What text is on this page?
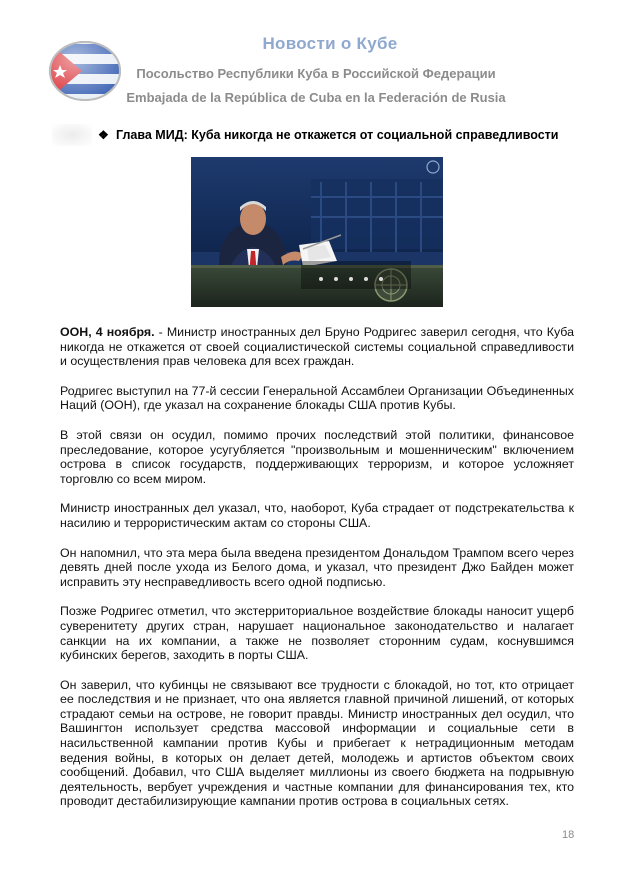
Новости о Кубе
Посольство Республики Куба в Российской Федерации
Embajada de la República de Cuba en la Federación de Rusia
❖ Глава МИД: Куба никогда не откажется от социальной справедливости

ООН, 4 ноября. - Министр иностранных дел Бруно Родригес заверил сегодня, что Куба никогда не откажется от своей социалистической системы социальной справедливости и осуществления прав человека для всех граждан.

Родригес выступил на 77-й сессии Генеральной Ассамблеи Организации Объединенных Наций (ООН), где указал на сохранение блокады США против Кубы.

В этой связи он осудил, помимо прочих последствий этой политики, финансовое преследование, которое усугубляется "произвольным и мошенническим" включением острова в список государств, поддерживающих терроризм, и которое усложняет торговлю со всем миром.

Министр иностранных дел указал, что, наоборот, Куба страдает от подстрекательства к насилию и террористическим актам со стороны США.

Он напомнил, что эта мера была введена президентом Дональдом Трампом всего через девять дней после ухода из Белого дома, и указал, что президент Джо Байден может исправить эту несправедливость всего одной подписью.

Позже Родригес отметил, что экстерриториальное воздействие блокады наносит ущерб суверенитету других стран, нарушает национальное законодательство и налагает санкции на их компании, а также не позволяет сторонним судам, коснувшимся кубинских берегов, заходить в порты США.

Он заверил, что кубинцы не связывают все трудности с блокадой, но тот, кто отрицает ее последствия и не признает, что она является главной причиной лишений, от которых страдают семьи на острове, не говорит правды. Министр иностранных дел осудил, что Вашингтон использует средства массовой информации и социальные сети в насильственной кампании против Кубы и прибегает к нетрадиционным методам ведения войны, в которых он делает детей, молодежь и артистов объектом своих сообщений. Добавил, что США выделяет миллионы из своего бюджета на подрывную деятельность, вербует учреждения и частные компании для финансирования тех, кто проводит дестабилизирующие кампании против острова в социальных сетях.

18
